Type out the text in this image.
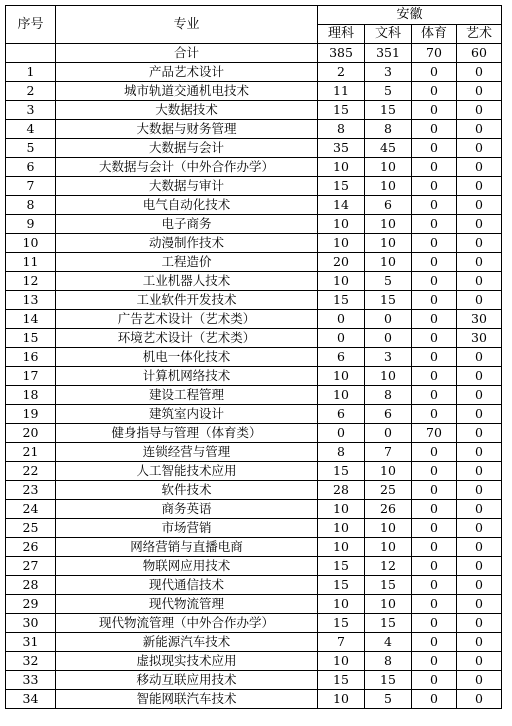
序号	专业	安徽			
		理科	文科	体育	艺术
	合计	385	351	70	60
1	产品艺术设计	2	3	0	0
2	城市轨道交通机电技术	11	5	0	0
3	大数据技术	15	15	0	0
4	大数据与财务管理	8	8	0	0
5	大数据与会计	35	45	0	0
6	大数据与会计（中外合作办学）	10	10	0	0
7	大数据与审计	15	10	0	0
8	电气自动化技术	14	6	0	0
9	电子商务	10	10	0	0
10	动漫制作技术	10	10	0	0
11	工程造价	20	10	0	0
12	工业机器人技术	10	5	0	0
13	工业软件开发技术	15	15	0	0
14	广告艺术设计（艺术类）	0	0	0	30
15	环境艺术设计（艺术类）	0	0	0	30
16	机电一体化技术	6	3	0	0
17	计算机网络技术	10	10	0	0
18	建设工程管理	10	8	0	0
19	建筑室内设计	6	6	0	0
20	健身指导与管理（体育类）	0	0	70	0
21	连锁经营与管理	8	7	0	0
22	人工智能技术应用	15	10	0	0
23	软件技术	28	25	0	0
24	商务英语	10	26	0	0
25	市场营销	10	10	0	0
26	网络营销与直播电商	10	10	0	0
27	物联网应用技术	15	12	0	0
28	现代通信技术	15	15	0	0
29	现代物流管理	10	10	0	0
30	现代物流管理（中外合作办学）	15	15	0	0
31	新能源汽车技术	7	4	0	0
32	虚拟现实技术应用	10	8	0	0
33	移动互联应用技术	15	15	0	0
34	智能网联汽车技术	10	5	0	0
